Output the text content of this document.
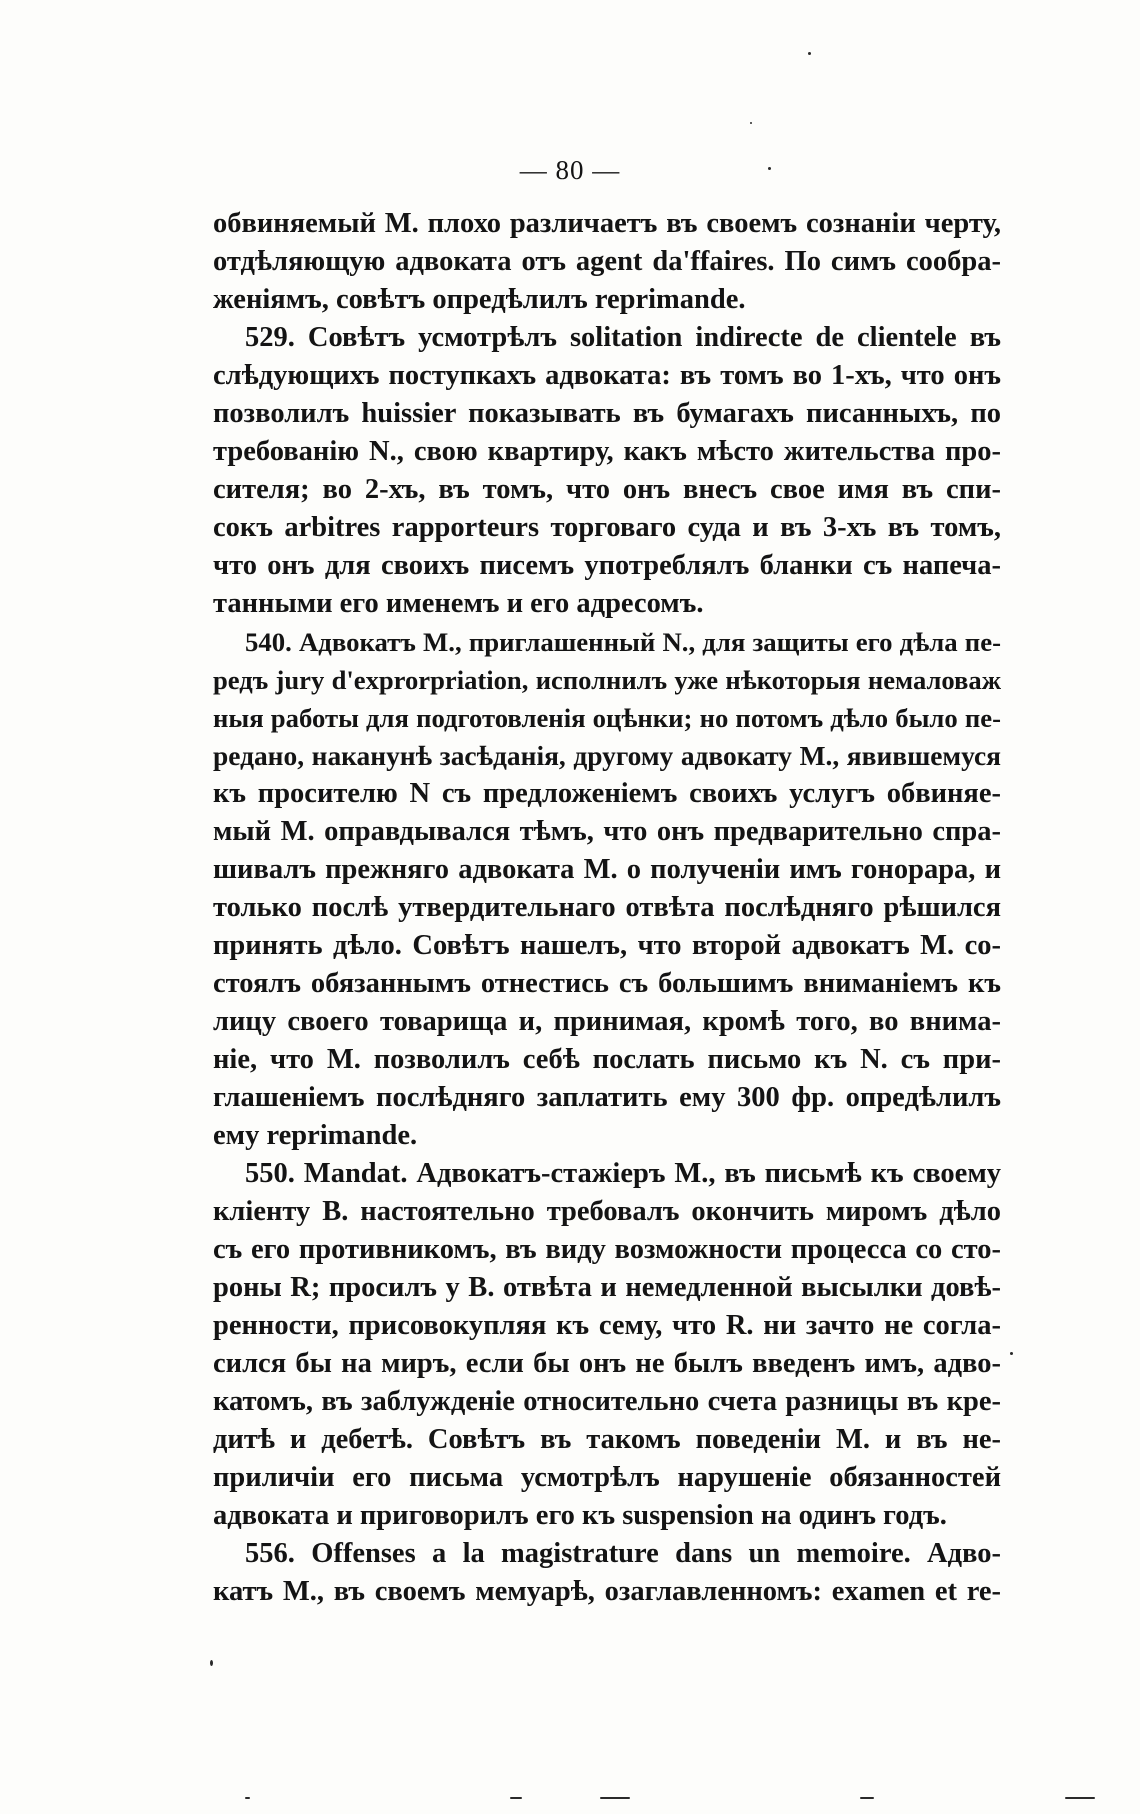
— 80 —
обвиняемый М. плохо различаетъ въ своемъ сознаніи черту,
отдѣляющую адвоката отъ agent da'ffaires. По симъ сообра-
женіямъ, совѣтъ опредѣлилъ reprimande.
529. Совѣтъ усмотрѣлъ solitation indirecte de clientele въ
слѣдующихъ поступкахъ адвоката: въ томъ во 1-хъ, что онъ
позволилъ huissier показывать въ бумагахъ писанныхъ, по
требованію N., свою квартиру, какъ мѣсто жительства про-
сителя; во 2-хъ, въ томъ, что онъ внесъ свое имя въ спи-
сокъ arbitres rapporteurs торговаго суда и въ 3-хъ въ томъ,
что онъ для своихъ писемъ употреблялъ бланки съ напеча-
танными его именемъ и его адресомъ.
540. Адвокатъ М., приглашенный N., для защиты его дѣла пе-
редъ jury d'exprorpriation, исполнилъ уже нѣкоторыя немаловаж
ныя работы для подготовленія оцѣнки; но потомъ дѣло было пе-
редано, наканунѣ засѣданія, другому адвокату М., явившемуся
къ просителю N съ предложеніемъ своихъ услугъ обвиняе-
мый М. оправдывался тѣмъ, что онъ предварительно спра-
шивалъ прежняго адвоката М. о полученіи имъ гонорара, и
только послѣ утвердительнаго отвѣта послѣдняго рѣшился
принять дѣло. Совѣтъ нашелъ, что второй адвокатъ М. со-
стоялъ обязаннымъ отнестись съ большимъ вниманіемъ къ
лицу своего товарища и, принимая, кромѣ того, во внима-
ніе, что М. позволилъ себѣ послать письмо къ N. съ при-
глашеніемъ послѣдняго заплатить ему 300 фр. опредѣлилъ
ему reprimande.
550. Mandat. Адвокатъ-стажіеръ М., въ письмѣ къ своему
кліенту В. настоятельно требовалъ окончить миромъ дѣло
съ его противникомъ, въ виду возможности процесса со сто-
роны R; просилъ у В. отвѣта и немедленной высылки довѣ-
ренности, присовокупляя къ сему, что R. ни зачто не согла-
сился бы на миръ, если бы онъ не былъ введенъ имъ, адво-
катомъ, въ заблужденіе относительно счета разницы въ кре-
дитѣ и дебетѣ. Совѣтъ въ такомъ поведеніи М. и въ не-
приличіи его письма усмотрѣлъ нарушеніе обязанностей
адвоката и приговорилъ его къ suspension на одинъ годъ.
556. Offenses a la magistrature dans un memoire. Адво-
катъ М., въ своемъ мемуарѣ, озаглавленномъ: examen et re-
